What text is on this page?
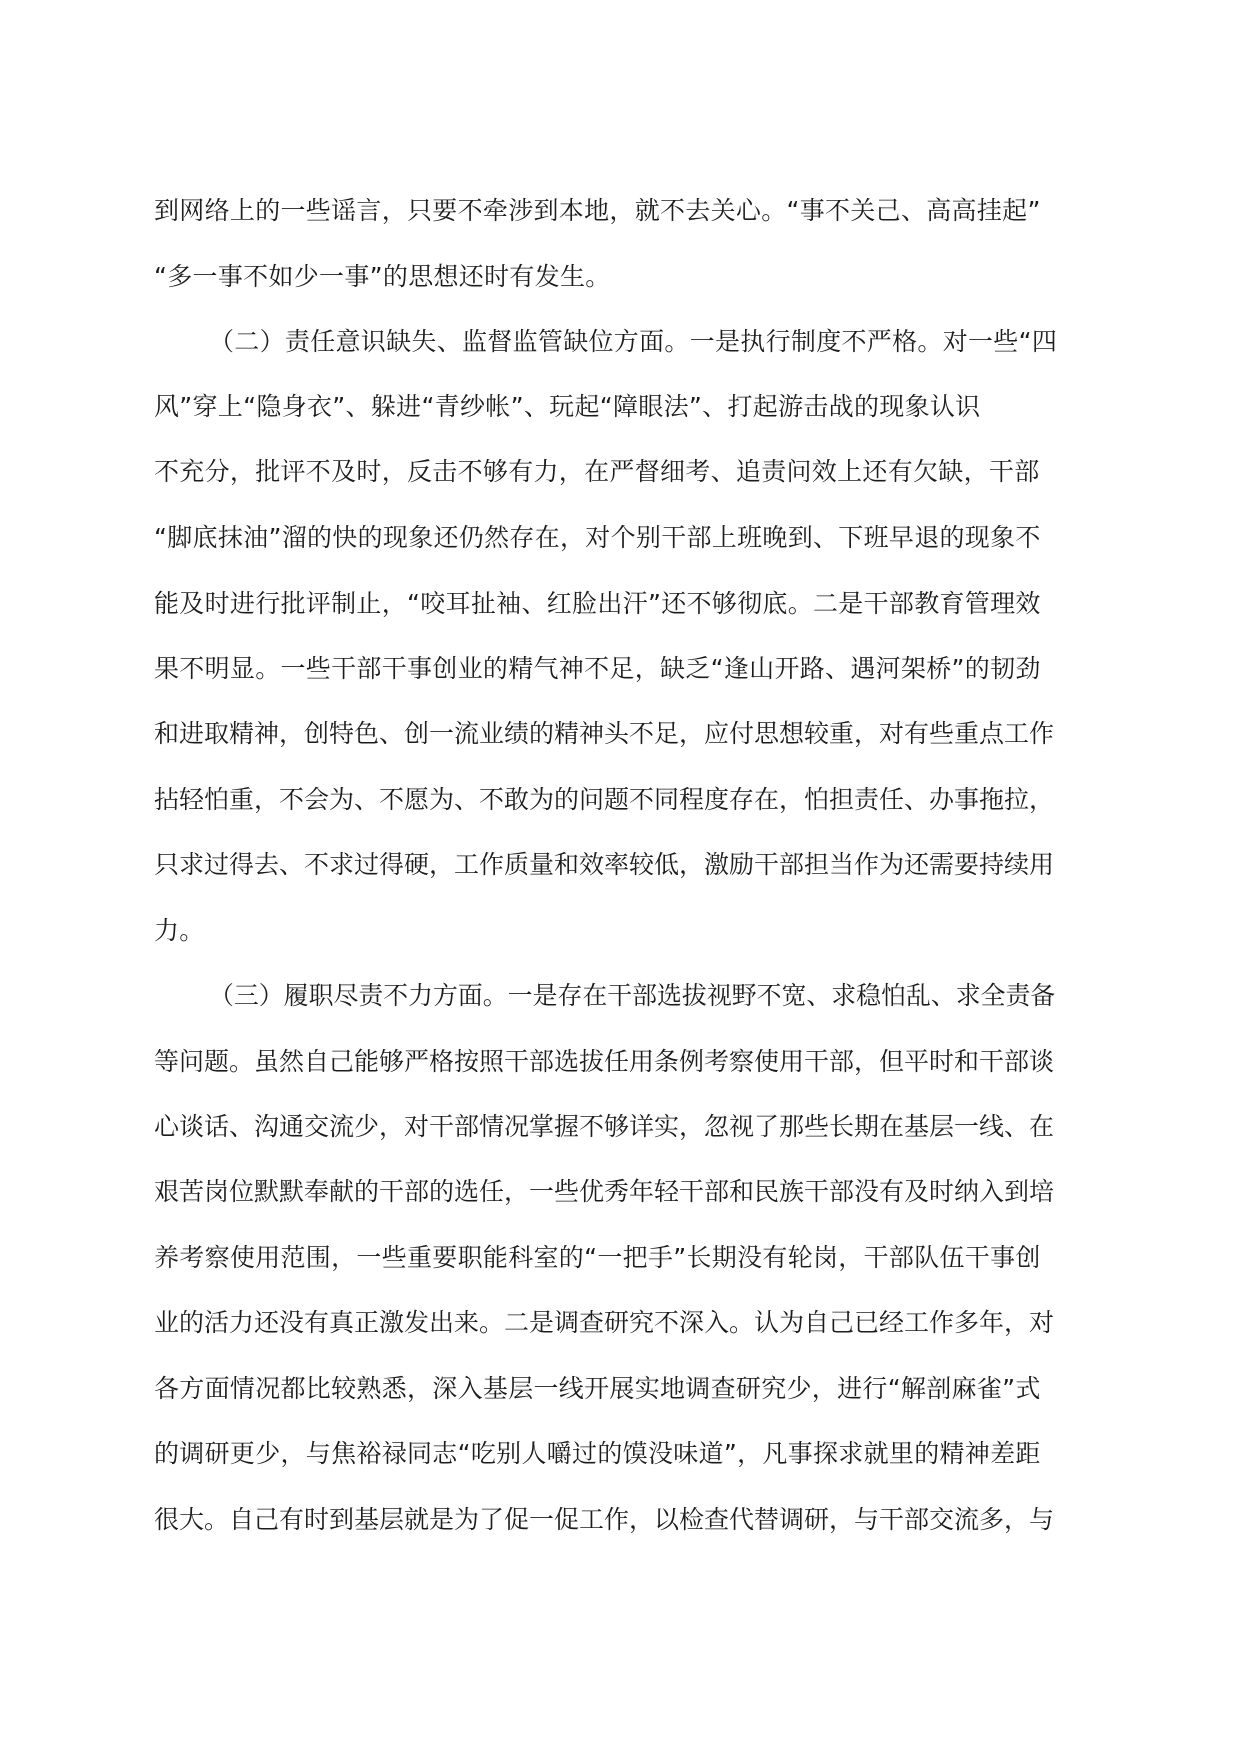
到网络上的一些谣言，只要不牵涉到本地，就不去关心。“事不关己、高高挂起”
“多一事不如少一事”的思想还时有发生。
（二）责任意识缺失、监督监管缺位方面。一是执行制度不严格。对一些“四
风”穿上“隐身衣”、躲进“青纱帐”、玩起“障眼法”、打起游击战的现象认识
不充分，批评不及时，反击不够有力，在严督细考、追责问效上还有欠缺，干部
“脚底抹油”溜的快的现象还仍然存在，对个别干部上班晚到、下班早退的现象不
能及时进行批评制止，“咬耳扯袖、红脸出汗”还不够彻底。二是干部教育管理效
果不明显。一些干部干事创业的精气神不足，缺乏“逢山开路、遇河架桥”的韧劲
和进取精神，创特色、创一流业绩的精神头不足，应付思想较重，对有些重点工作
拈轻怕重，不会为、不愿为、不敢为的问题不同程度存在，怕担责任、办事拖拉，
只求过得去、不求过得硬，工作质量和效率较低，激励干部担当作为还需要持续用
力。
（三）履职尽责不力方面。一是存在干部选拔视野不宽、求稳怕乱、求全责备
等问题。虽然自己能够严格按照干部选拔任用条例考察使用干部，但平时和干部谈
心谈话、沟通交流少，对干部情况掌握不够详实，忽视了那些长期在基层一线、在
艰苦岗位默默奉献的干部的选任，一些优秀年轻干部和民族干部没有及时纳入到培
养考察使用范围，一些重要职能科室的“一把手”长期没有轮岗，干部队伍干事创
业的活力还没有真正激发出来。二是调查研究不深入。认为自己已经工作多年，对
各方面情况都比较熟悉，深入基层一线开展实地调查研究少，进行“解剖麻雀”式
的调研更少，与焦裕禄同志“吃别人嚼过的馍没味道”，凡事探求就里的精神差距
很大。自己有时到基层就是为了促一促工作，以检查代替调研，与干部交流多，与
